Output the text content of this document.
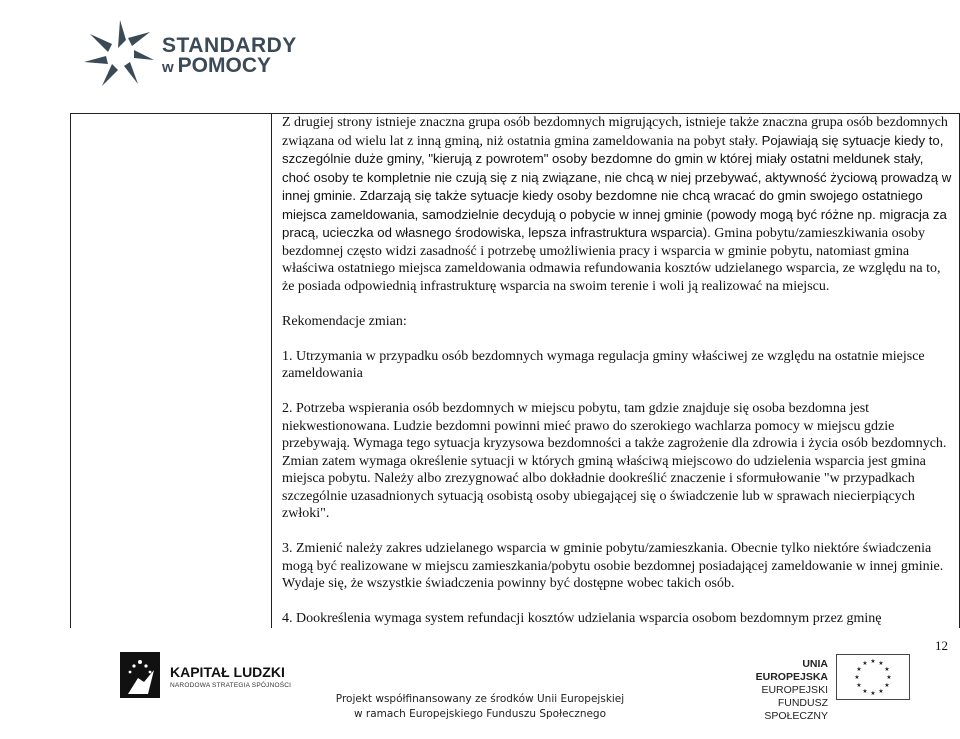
STANDARDY
w POMOCY

Z drugiej strony istnieje znaczna grupa osób bezdomnych migrujących, istnieje także znaczna grupa osób bezdomnych związana od wielu lat z inną gminą, niż ostatnia gmina zameldowania na pobyt stały. Pojawiają się sytuacje kiedy to, szczególnie duże gminy, "kierują z powrotem" osoby bezdomne do gmin w której miały ostatni meldunek stały, choć osoby te kompletnie nie czują się z nią związane, nie chcą w niej przebywać, aktywność życiową prowadzą w innej gminie. Zdarzają się także sytuacje kiedy osoby bezdomne nie chcą wracać do gmin swojego ostatniego miejsca zameldowania, samodzielnie decydują o pobycie w innej gminie (powody mogą być różne np. migracja za pracą, ucieczka od własnego środowiska, lepsza infrastruktura wsparcia). Gmina pobytu/zamieszkiwania osoby bezdomnej często widzi zasadność i potrzebę umożliwienia pracy i wsparcia w gminie pobytu, natomiast gmina właściwa ostatniego miejsca zameldowania odmawia refundowania kosztów udzielanego wsparcia, ze względu na to, że posiada odpowiednią infrastrukturę wsparcia na swoim terenie i woli ją realizować na miejscu.

Rekomendacje zmian:

1. Utrzymania w przypadku osób bezdomnych wymaga regulacja gminy właściwej ze względu na ostatnie miejsce zameldowania

2. Potrzeba wspierania osób bezdomnych w miejscu pobytu, tam gdzie znajduje się osoba bezdomna jest niekwestionowana. Ludzie bezdomni powinni mieć prawo do szerokiego wachlarza pomocy w miejscu gdzie przebywają. Wymaga tego sytuacja kryzysowa bezdomności a także zagrożenie dla zdrowia i życia osób bezdomnych. Zmian zatem wymaga określenie sytuacji w których gminą właściwą miejscowo do udzielenia wsparcia jest gmina miejsca pobytu. Należy albo zrezygnować albo dokładnie dookreślić znaczenie i sformułowanie "w przypadkach szczególnie uzasadnionych sytuacją osobistą osoby ubiegającej się o świadczenie lub w sprawach niecierpiących zwłoki".

3. Zmienić należy zakres udzielanego wsparcia w gminie pobytu/zamieszkania. Obecnie tylko niektóre świadczenia mogą być realizowane w miejscu zamieszkania/pobytu osobie bezdomnej posiadającej zameldowanie w innej gminie. Wydaje się, że wszystkie świadczenia powinny być dostępne wobec takich osób.

4. Dookreślenia wymaga system refundacji kosztów udzielania wsparcia osobom bezdomnym przez gminę

12
KAPITAŁ LUDZKI
NARODOWA STRATEGIA SPÓJNOŚCI
UNIA EUROPEJSKA
EUROPEJSKI
FUNDUSZ SPOŁECZNY
★ ★
★
★
★
★
★
★
★
★
★
★
Projekt współfinansowany ze środków Unii Europejskiej
w ramach Europejskiego Funduszu Społecznego
